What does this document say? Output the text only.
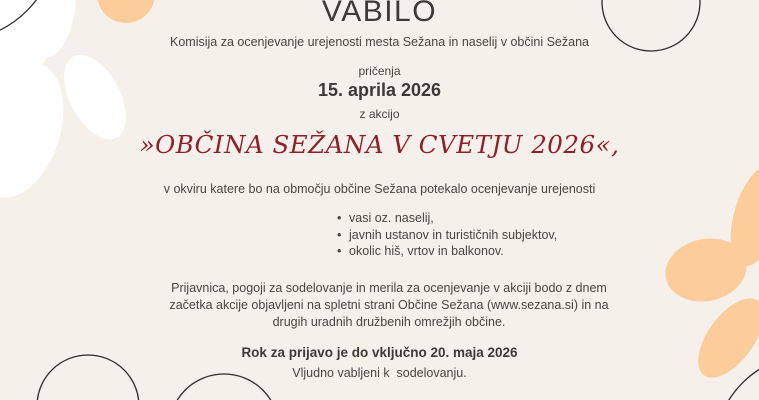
VABILO
Komisija za ocenjevanje urejenosti mesta Sežana in naselij v občini Sežana
pričenja
15. aprila 2026
z akcijo
»OBČINA SEŽANA V CVETJU 2026«,
v okviru katere bo na območju občine Sežana potekalo ocenjevanje urejenosti
• vasi oz. naselij,
• javnih ustanov in turističnih subjektov,
• okolic hiš, vrtov in balkonov.
Prijavnica, pogoji za sodelovanje in merila za ocenjevanje v akciji bodo z dnem začetka akcije objavljeni na spletni strani Občine Sežana (www.sezana.si) in na drugih uradnih družbenih omrežjih občine.
Rok za prijavo je do vključno 20. maja 2026
Vljudno vabljeni k  sodelovanju.
